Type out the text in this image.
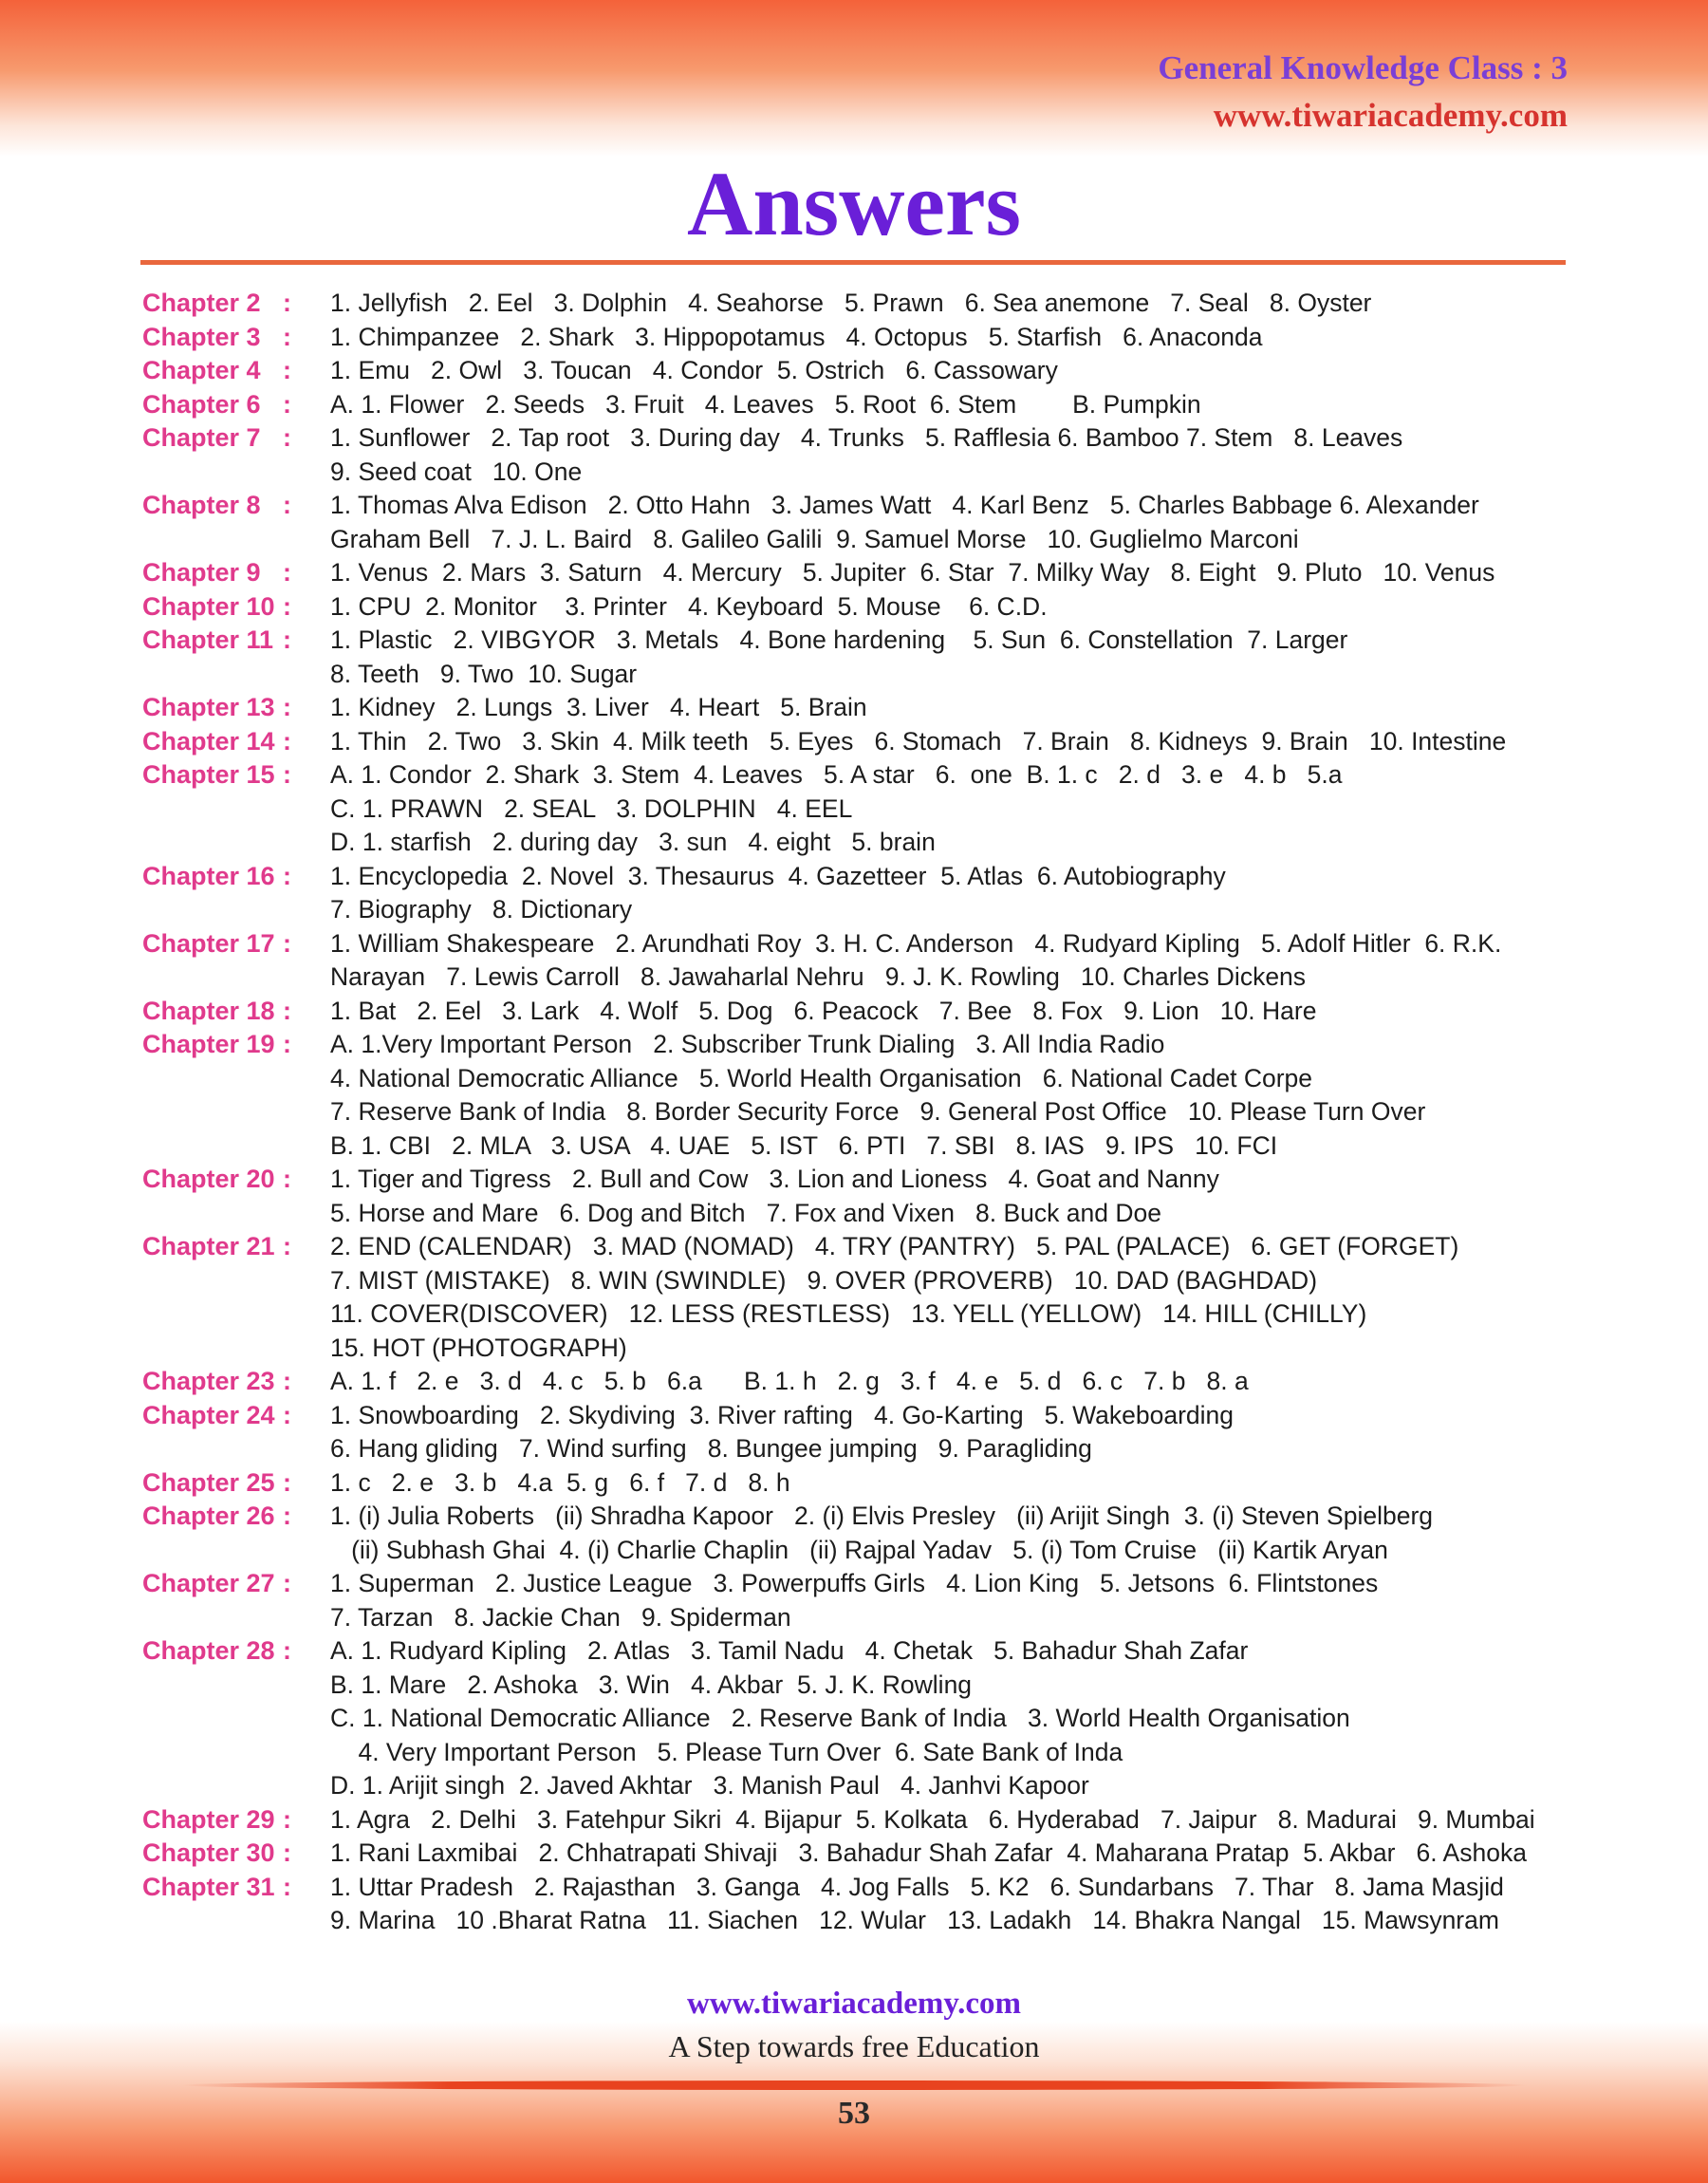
General Knowledge Class : 3
www.tiwariacademy.com
Answers
Chapter 2 :	1. Jellyfish   2. Eel   3. Dolphin   4. Seahorse   5. Prawn   6. Sea anemone   7. Seal   8. Oyster
Chapter 3 :	1. Chimpanzee   2. Shark   3. Hippopotamus   4. Octopus   5. Starfish   6. Anaconda
Chapter 4 :	1. Emu   2. Owl   3. Toucan   4. Condor  5. Ostrich   6. Cassowary
Chapter 6 :	A. 1. Flower   2. Seeds   3. Fruit   4. Leaves   5. Root  6. Stem        B. Pumpkin
Chapter 7 :	1. Sunflower   2. Tap root   3. During day   4. Trunks   5. Rafflesia 6. Bamboo 7. Stem   8. Leaves
9. Seed coat   10. One
Chapter 8 :	1. Thomas Alva Edison   2. Otto Hahn   3. James Watt   4. Karl Benz   5. Charles Babbage 6. Alexander
Graham Bell   7. J. L. Baird   8. Galileo Galili  9. Samuel Morse   10. Guglielmo Marconi
Chapter 9 :	1. Venus  2. Mars  3. Saturn   4. Mercury   5. Jupiter  6. Star  7. Milky Way   8. Eight   9. Pluto   10. Venus
Chapter 10 :	1. CPU  2. Monitor    3. Printer   4. Keyboard  5. Mouse    6. C.D.
Chapter 11 :	1. Plastic   2. VIBGYOR   3. Metals   4. Bone hardening    5. Sun  6. Constellation  7. Larger
8. Teeth   9. Two  10. Sugar
Chapter 13 :	1. Kidney   2. Lungs  3. Liver   4. Heart   5. Brain
Chapter 14 :	1. Thin   2. Two   3. Skin  4. Milk teeth   5. Eyes   6. Stomach   7. Brain   8. Kidneys  9. Brain   10. Intestine
Chapter 15 :	A. 1. Condor  2. Shark  3. Stem  4. Leaves   5. A star   6.  one  B. 1. c   2. d   3. e   4. b   5.a
C. 1. PRAWN   2. SEAL   3. DOLPHIN   4. EEL
D. 1. starfish   2. during day   3. sun   4. eight   5. brain
Chapter 16 :	1. Encyclopedia  2. Novel  3. Thesaurus  4. Gazetteer  5. Atlas  6. Autobiography
7. Biography   8. Dictionary
Chapter 17 :	1. William Shakespeare   2. Arundhati Roy  3. H. C. Anderson   4. Rudyard Kipling   5. Adolf Hitler  6. R.K.
Narayan   7. Lewis Carroll   8. Jawaharlal Nehru   9. J. K. Rowling   10. Charles Dickens
Chapter 18 :	1. Bat   2. Eel   3. Lark   4. Wolf   5. Dog   6. Peacock   7. Bee   8. Fox   9. Lion   10. Hare
Chapter 19 :	A. 1.Very Important Person   2. Subscriber Trunk Dialing   3. All India Radio
4. National Democratic Alliance   5. World Health Organisation   6. National Cadet Corpe
7. Reserve Bank of India   8. Border Security Force   9. General Post Office   10. Please Turn Over
B. 1. CBI   2. MLA   3. USA   4. UAE   5. IST   6. PTI   7. SBI   8. IAS   9. IPS   10. FCI
Chapter 20 :	1. Tiger and Tigress   2. Bull and Cow   3. Lion and Lioness   4. Goat and Nanny
5. Horse and Mare   6. Dog and Bitch   7. Fox and Vixen   8. Buck and Doe
Chapter 21 :	2. END (CALENDAR)   3. MAD (NOMAD)   4. TRY (PANTRY)   5. PAL (PALACE)   6. GET (FORGET)
7. MIST (MISTAKE)   8. WIN (SWINDLE)   9. OVER (PROVERB)   10. DAD (BAGHDAD)
11. COVER(DISCOVER)   12. LESS (RESTLESS)   13. YELL (YELLOW)   14. HILL (CHILLY)
15. HOT (PHOTOGRAPH)
Chapter 23 :	A. 1. f   2. e   3. d   4. c   5. b   6.a      B. 1. h   2. g   3. f   4. e   5. d   6. c   7. b   8. a
Chapter 24 :	1. Snowboarding   2. Skydiving  3. River rafting   4. Go-Karting   5. Wakeboarding
6. Hang gliding   7. Wind surfing   8. Bungee jumping   9. Paragliding
Chapter 25 :	1. c   2. e   3. b   4.a  5. g   6. f   7. d   8. h
Chapter 26 :	1. (i) Julia Roberts   (ii) Shradha Kapoor   2. (i) Elvis Presley   (ii) Arijit Singh  3. (i) Steven Spielberg
(ii) Subhash Ghai  4. (i) Charlie Chaplin   (ii) Rajpal Yadav   5. (i) Tom Cruise   (ii) Kartik Aryan
Chapter 27 :	1. Superman   2. Justice League   3. Powerpuffs Girls   4. Lion King   5. Jetsons  6. Flintstones
7. Tarzan   8. Jackie Chan   9. Spiderman
Chapter 28 :	A. 1. Rudyard Kipling   2. Atlas   3. Tamil Nadu   4. Chetak   5. Bahadur Shah Zafar
B. 1. Mare   2. Ashoka   3. Win   4. Akbar  5. J. K. Rowling
C. 1. National Democratic Alliance   2. Reserve Bank of India   3. World Health Organisation
4. Very Important Person   5. Please Turn Over  6. Sate Bank of Inda
D. 1. Arijit singh  2. Javed Akhtar   3. Manish Paul   4. Janhvi Kapoor
Chapter 29 :	1. Agra   2. Delhi   3. Fatehpur Sikri  4. Bijapur  5. Kolkata   6. Hyderabad   7. Jaipur   8. Madurai   9. Mumbai
Chapter 30 :	1. Rani Laxmibai   2. Chhatrapati Shivaji   3. Bahadur Shah Zafar  4. Maharana Pratap  5. Akbar   6. Ashoka
Chapter 31 :	1. Uttar Pradesh   2. Rajasthan   3. Ganga   4. Jog Falls   5. K2   6. Sundarbans   7. Thar   8. Jama Masjid
9. Marina   10 .Bharat Ratna   11. Siachen   12. Wular   13. Ladakh   14. Bhakra Nangal   15. Mawsynram
www.tiwariacademy.com
A Step towards free Education
53
